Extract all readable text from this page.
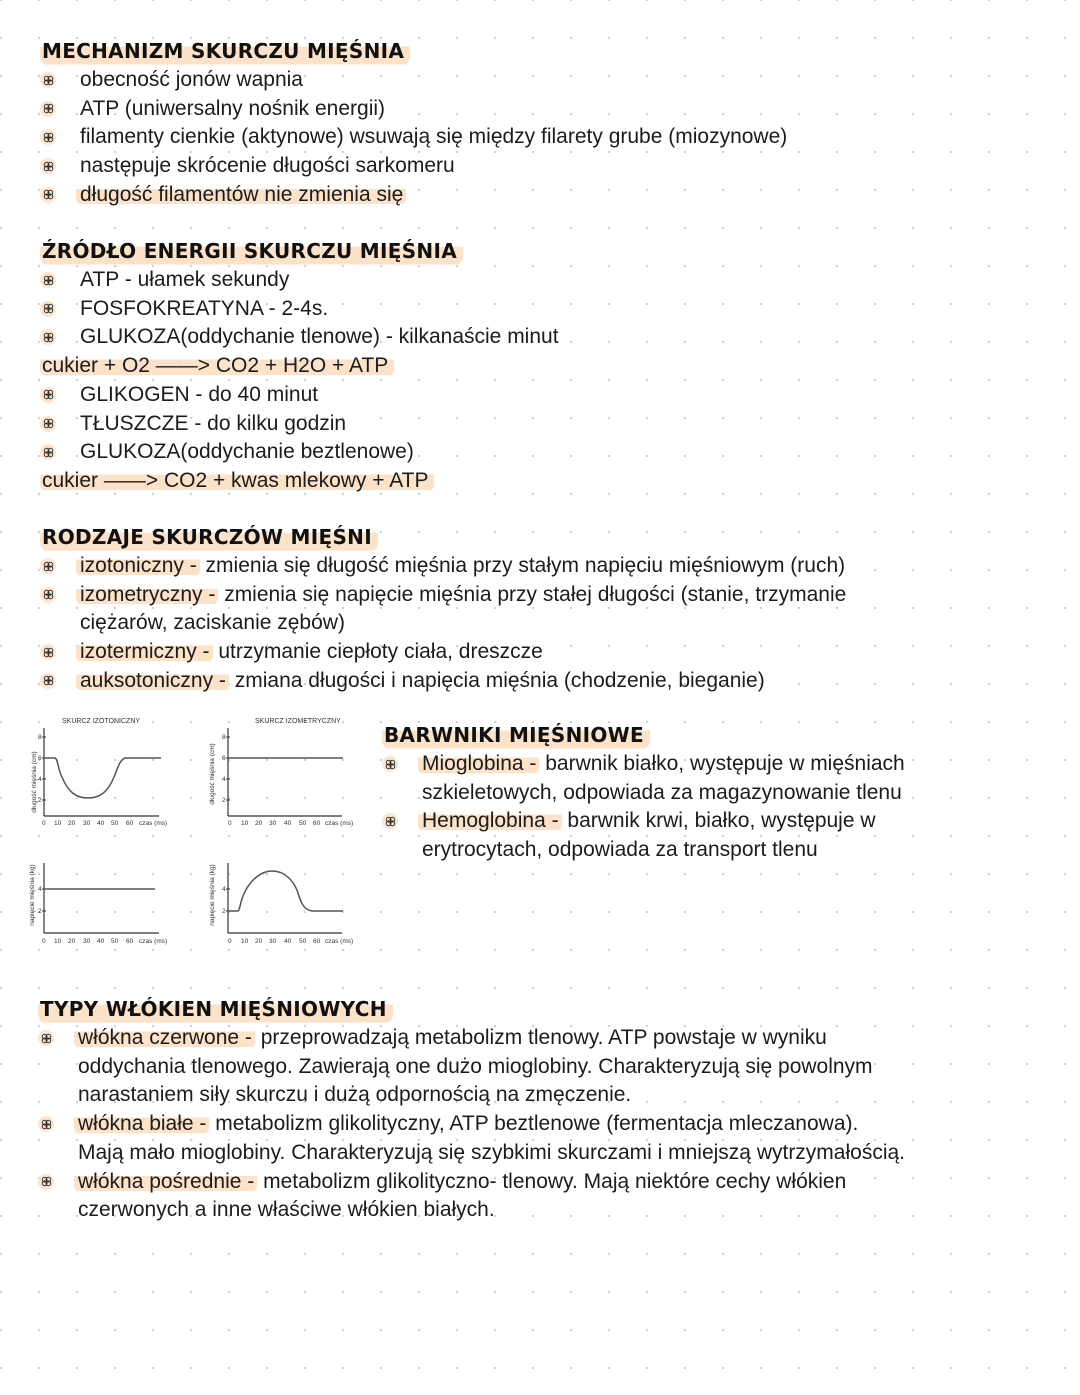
MECHANIZM SKURCZU MIĘŚNIA
obecność jonów wapnia
ATP (uniwersalny nośnik energii)
filamenty cienkie (aktynowe) wsuwają się między filarety grube (miozynowe)
następuje skrócenie długości sarkomeru
długość filamentów nie zmienia się
ŹRÓDŁO ENERGII SKURCZU MIĘŚNIA
ATP - ułamek sekundy
FOSFOKREATYNA - 2-4s.
GLUKOZA(oddychanie tlenowe) - kilkanaście minut
cukier + O2 ——> CO2 + H2O + ATP
GLIKOGEN - do 40 minut
TŁUSZCZE - do kilku godzin
GLUKOZA(oddychanie beztlenowe)
cukier ——> CO2 + kwas mlekowy + ATP
RODZAJE SKURCZÓW MIĘŚNI
izotoniczny - zmienia się długość mięśnia przy stałym napięciu mięśniowym (ruch)
izometryczny - zmienia się napięcie mięśnia przy stałej długości (stanie, trzymanie
ciężarów, zaciskanie zębów)
izotermiczny - utrzymanie ciepłoty ciała, dreszcze
auksotoniczny - zmiana długości i napięcia mięśnia (chodzenie, bieganie)
SKURCZ IZOTONICZNY
długość mięśnia (cm)
8
6
4
2
0 10 20 30 40 50 60 czas (ms)
SKURCZ IZOMETRYCZNY
długość mięśnia (cm)
8
6
4
2
0 10 20 30 40 50 60 czas (ms)
napięcie mięśnia (kg) 4
2
0 10 20 30 40 50 60 czas (ms)
napięcie mięśnia (kg) 4
2
0 10 20 30 40 50 60 czas (ms)
BARWNIKI MIĘŚNIOWE
Mioglobina - barwnik białko, występuje w mięśniach
szkieletowych, odpowiada za magazynowanie tlenu
Hemoglobina - barwnik krwi, białko, występuje w
erytrocytach, odpowiada za transport tlenu
TYPY WŁÓKIEN MIĘŚNIOWYCH
włókna czerwone - przeprowadzają metabolizm tlenowy. ATP powstaje w wyniku
oddychania tlenowego. Zawierają one dużo mioglobiny. Charakteryzują się powolnym
narastaniem siły skurczu i dużą odpornością na zmęczenie.
włókna białe - metabolizm glikolityczny, ATP beztlenowe (fermentacja mleczanowa).
Mają mało mioglobiny. Charakteryzują się szybkimi skurczami i mniejszą wytrzymałością.
włókna pośrednie - metabolizm glikolityczno- tlenowy. Mają niektóre cechy włókien
czerwonych a inne właściwe włókien białych.
